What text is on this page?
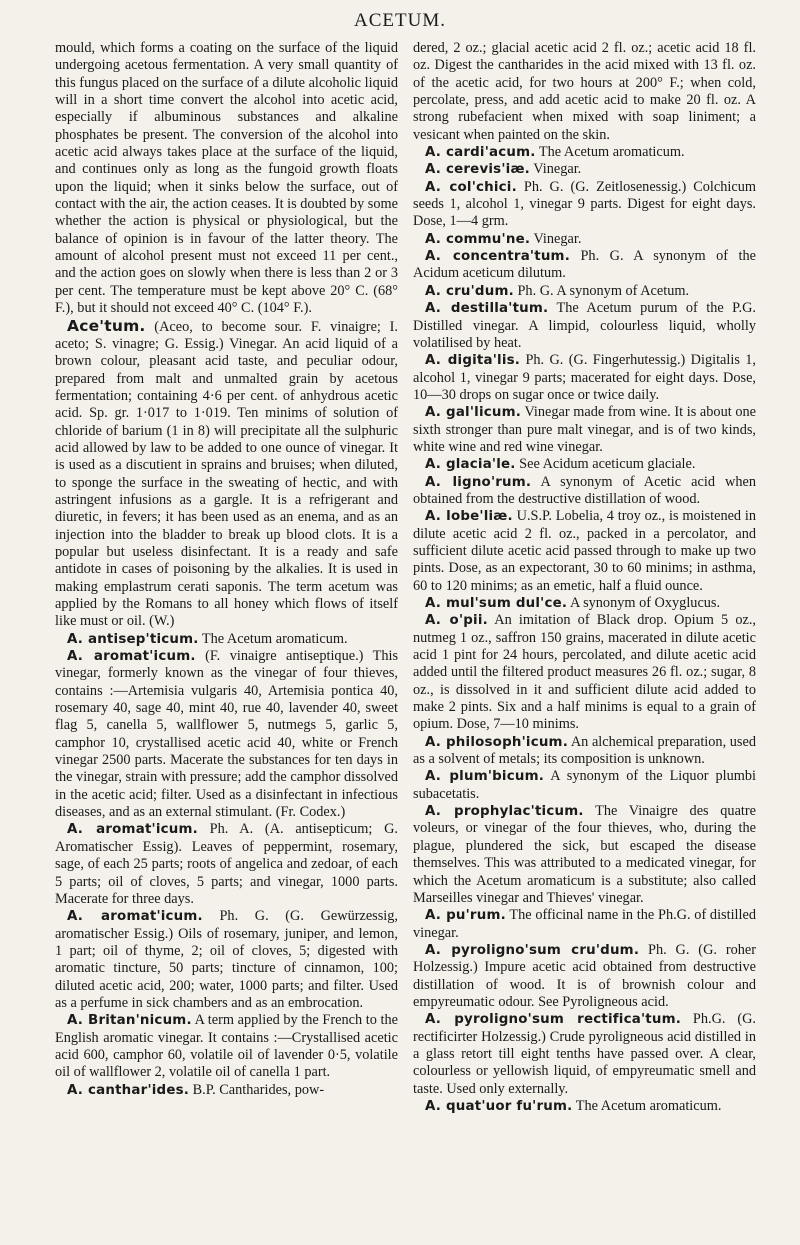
ACETUM.

mould, which forms a coating on the surface of the liquid undergoing acetous fermentation. A very small quantity of this fungus placed on the surface of a dilute alcoholic liquid will in a short time convert the alcohol into acetic acid, especially if albuminous substances and alkaline phosphates be present. The conversion of the alcohol into acetic acid always takes place at the surface of the liquid, and continues only as long as the fungoid growth floats upon the liquid; when it sinks below the surface, out of contact with the air, the action ceases. It is doubted by some whether the action is physical or physiological, but the balance of opinion is in favour of the latter theory. The amount of alcohol present must not exceed 11 per cent., and the action goes on slowly when there is less than 2 or 3 per cent. The temperature must be kept above 20° C. (68° F.), but it should not exceed 40° C. (104° F.).

Ace'tum. (Aceo, to become sour. F. vinaigre; I. aceto; S. vinagre; G. Essig.) Vinegar. An acid liquid of a brown colour, pleasant acid taste, and peculiar odour, prepared from malt and unmalted grain by acetous fermentation; containing 4·6 per cent. of anhydrous acetic acid. Sp. gr. 1·017 to 1·019. Ten minims of solution of chloride of barium (1 in 8) will precipitate all the sulphuric acid allowed by law to be added to one ounce of vinegar. It is used as a discutient in sprains and bruises; when diluted, to sponge the surface in the sweating of hectic, and with astringent infusions as a gargle. It is a refrigerant and diuretic, in fevers; it has been used as an enema, and as an injection into the bladder to break up blood clots. It is a popular but useless disinfectant. It is a ready and safe antidote in cases of poisoning by the alkalies. It is used in making emplastrum cerati saponis. The term acetum was applied by the Romans to all honey which flows of itself like must or oil. (W.)

A. antisep'ticum. The Acetum aromaticum.

A. aromat'icum. (F. vinaigre antiseptique.) This vinegar, formerly known as the vinegar of four thieves, contains :—Artemisia vulgaris 40, Artemisia pontica 40, rosemary 40, sage 40, mint 40, rue 40, lavender 40, sweet flag 5, canella 5, wallflower 5, nutmegs 5, garlic 5, camphor 10, crystallised acetic acid 40, white or French vinegar 2500 parts. Macerate the substances for ten days in the vinegar, strain with pressure; add the camphor dissolved in the acetic acid; filter. Used as a disinfectant in infectious diseases, and as an external stimulant. (Fr. Codex.)

A. aromat'icum. Ph. A. (A. antisepticum; G. Aromatischer Essig). Leaves of peppermint, rosemary, sage, of each 25 parts; roots of angelica and zedoar, of each 5 parts; oil of cloves, 5 parts; and vinegar, 1000 parts. Macerate for three days.

A. aromat'icum. Ph. G. (G. Gewürzessig, aromatischer Essig.) Oils of rosemary, juniper, and lemon, 1 part; oil of thyme, 2; oil of cloves, 5; digested with aromatic tincture, 50 parts; tincture of cinnamon, 100; diluted acetic acid, 200; water, 1000 parts; and filter. Used as a perfume in sick chambers and as an embrocation.

A. Britan'nicum. A term applied by the French to the English aromatic vinegar. It contains :—Crystallised acetic acid 600, camphor 60, volatile oil of lavender 0·5, volatile oil of wallflower 2, volatile oil of canella 1 part.

A. canthar'ides. B.P. Cantharides, pow-

dered, 2 oz.; glacial acetic acid 2 fl. oz.; acetic acid 18 fl. oz. Digest the cantharides in the acid mixed with 13 fl. oz. of the acetic acid, for two hours at 200° F.; when cold, percolate, press, and add acetic acid to make 20 fl. oz. A strong rubefacient when mixed with soap liniment; a vesicant when painted on the skin.

A. cardi'acum. The Acetum aromaticum.

A. cerevis'iæ. Vinegar.

A. col'chici. Ph. G. (G. Zeitlosenessig.) Colchicum seeds 1, alcohol 1, vinegar 9 parts. Digest for eight days. Dose, 1—4 grm.

A. commu'ne. Vinegar.

A. concentra'tum. Ph. G. A synonym of the Acidum aceticum dilutum.

A. cru'dum. Ph. G. A synonym of Acetum.

A. destilla'tum. The Acetum purum of the P.G. Distilled vinegar. A limpid, colourless liquid, wholly volatilised by heat.

A. digita'lis. Ph. G. (G. Fingerhutessig.) Digitalis 1, alcohol 1, vinegar 9 parts; macerated for eight days. Dose, 10—30 drops on sugar once or twice daily.

A. gal'licum. Vinegar made from wine. It is about one sixth stronger than pure malt vinegar, and is of two kinds, white wine and red wine vinegar.

A. glacia'le. See Acidum aceticum glaciale.

A. ligno'rum. A synonym of Acetic acid when obtained from the destructive distillation of wood.

A. lobe'liæ. U.S.P. Lobelia, 4 troy oz., is moistened in dilute acetic acid 2 fl. oz., packed in a percolator, and sufficient dilute acetic acid passed through to make up two pints. Dose, as an expectorant, 30 to 60 minims; in asthma, 60 to 120 minims; as an emetic, half a fluid ounce.

A. mul'sum dul'ce. A synonym of Oxyglucus.

A. o'pii. An imitation of Black drop. Opium 5 oz., nutmeg 1 oz., saffron 150 grains, macerated in dilute acetic acid 1 pint for 24 hours, percolated, and dilute acetic acid added until the filtered product measures 26 fl. oz.; sugar, 8 oz., is dissolved in it and sufficient dilute acid added to make 2 pints. Six and a half minims is equal to a grain of opium. Dose, 7—10 minims.

A. philosoph'icum. An alchemical preparation, used as a solvent of metals; its composition is unknown.

A. plum'bicum. A synonym of the Liquor plumbi subacetatis.

A. prophylac'ticum. The Vinaigre des quatre voleurs, or vinegar of the four thieves, who, during the plague, plundered the sick, but escaped the disease themselves. This was attributed to a medicated vinegar, for which the Acetum aromaticum is a substitute; also called Marseilles vinegar and Thieves' vinegar.

A. pu'rum. The officinal name in the Ph.G. of distilled vinegar.

A. pyroligno'sum cru'dum. Ph. G. (G. roher Holzessig.) Impure acetic acid obtained from destructive distillation of wood. It is of brownish colour and empyreumatic odour. See Pyroligneous acid.

A. pyroligno'sum rectifica'tum. Ph.G. (G. rectificirter Holzessig.) Crude pyroligneous acid distilled in a glass retort till eight tenths have passed over. A clear, colourless or yellowish liquid, of empyreumatic smell and taste. Used only externally.

A. quat'uor fu'rum. The Acetum aromaticum.
